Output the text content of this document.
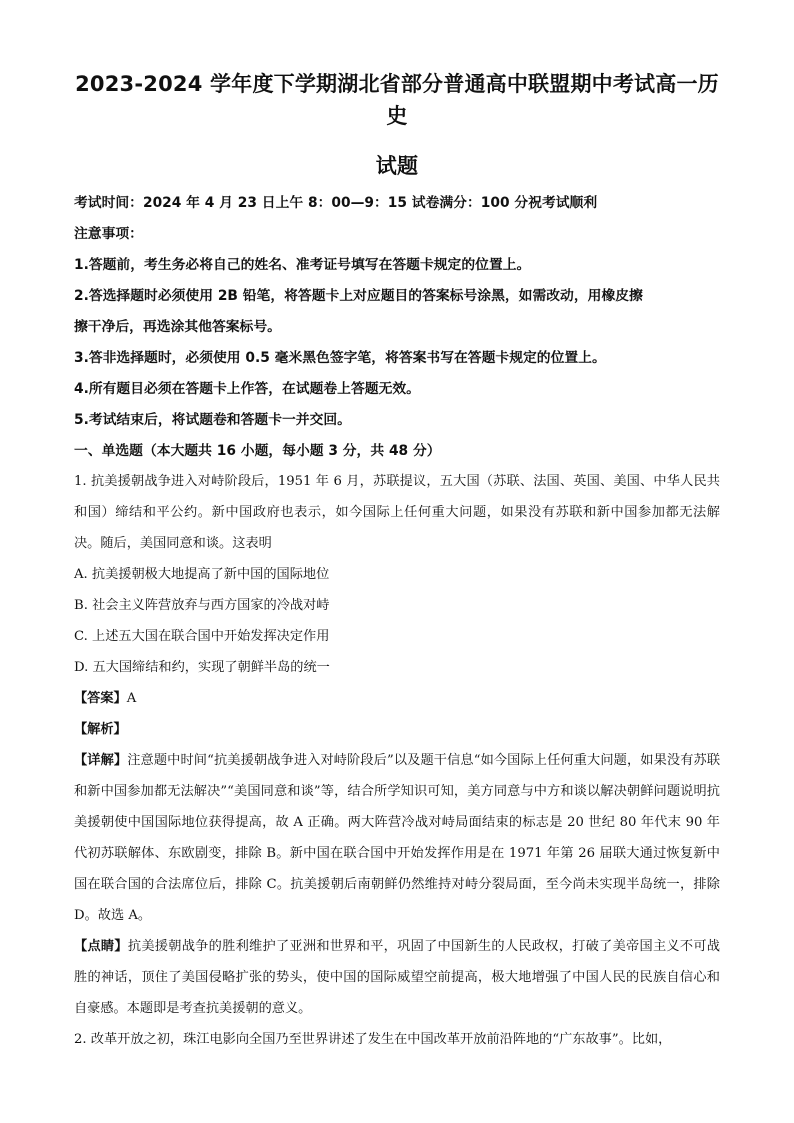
2023-2024 学年度下学期湖北省部分普通高中联盟期中考试高一历史
试题

考试时间：2024 年 4 月 23 日上午 8：00—9：15 试卷满分：100 分祝考试顺利

注意事项：
1.答题前，考生务必将自己的姓名、准考证号填写在答题卡规定的位置上。
2.答选择题时必须使用 2B 铅笔，将答题卡上对应题目的答案标号涂黑，如需改动，用橡皮擦
擦干净后，再选涂其他答案标号。
3.答非选择题时，必须使用 0.5 毫米黑色签字笔，将答案书写在答题卡规定的位置上。
4.所有题目必须在答题卡上作答，在试题卷上答题无效。
5.考试结束后，将试题卷和答题卡一并交回。

一、单选题（本大题共 16 小题，每小题 3 分，共 48 分）

1. 抗美援朝战争进入对峙阶段后，1951 年 6 月，苏联提议，五大国（苏联、法国、英国、美国、中华人民共和国）缔结和平公约。新中国政府也表示，如今国际上任何重大问题，如果没有苏联和新中国参加都无法解决。随后，美国同意和谈。这表明

A. 抗美援朝极大地提高了新中国的国际地位
B. 社会主义阵营放弃与西方国家的冷战对峙
C. 上述五大国在联合国中开始发挥决定作用
D. 五大国缔结和约，实现了朝鲜半岛的统一

【答案】A

【解析】

【详解】注意题中时间“抗美援朝战争进入对峙阶段后”以及题干信息“如今国际上任何重大问题，如果没有苏联和新中国参加都无法解决”“美国同意和谈”等，结合所学知识可知，美方同意与中方和谈以解决朝鲜问题说明抗美援朝使中国国际地位获得提高，故 A 正确。两大阵营冷战对峙局面结束的标志是 20 世纪 80 年代末 90 年代初苏联解体、东欧剧变，排除 B。新中国在联合国中开始发挥作用是在 1971 年第 26 届联大通过恢复新中国在联合国的合法席位后，排除 C。抗美援朝后南朝鲜仍然维持对峙分裂局面，至今尚未实现半岛统一，排除 D。故选 A。

【点睛】抗美援朝战争的胜利维护了亚洲和世界和平，巩固了中国新生的人民政权，打破了美帝国主义不可战胜的神话，顶住了美国侵略扩张的势头，使中国的国际威望空前提高，极大地增强了中国人民的民族自信心和自豪感。本题即是考查抗美援朝的意义。

2. 改革开放之初，珠江电影向全国乃至世界讲述了发生在中国改革开放前沿阵地的“广东故事”。比如，
